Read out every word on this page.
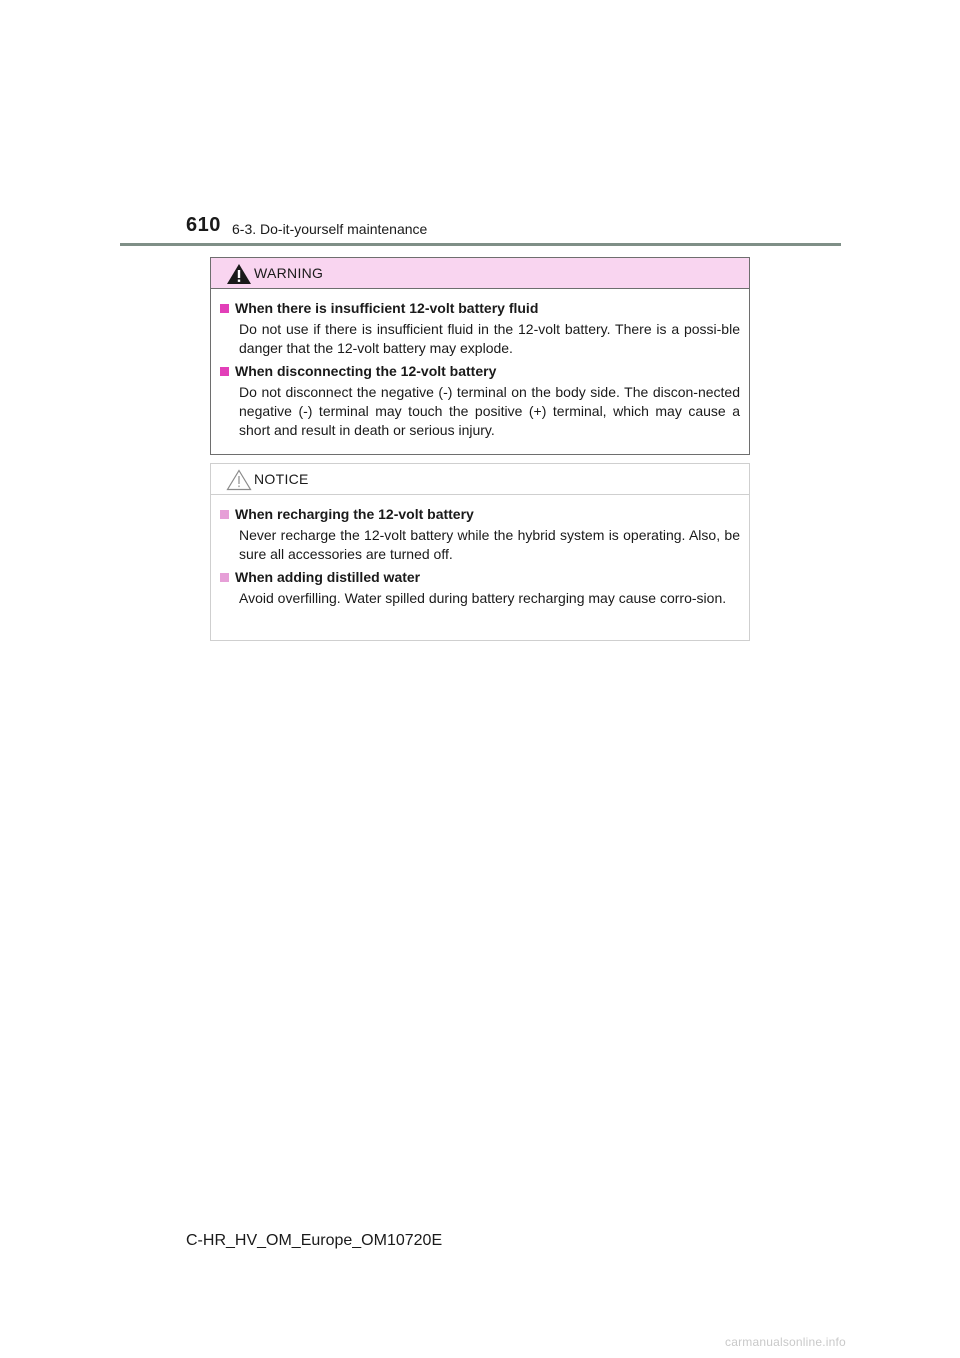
610 6-3. Do-it-yourself maintenance
WARNING
When there is insufficient 12-volt battery fluid
Do not use if there is insufficient fluid in the 12-volt battery. There is a possi-ble danger that the 12-volt battery may explode.
When disconnecting the 12-volt battery
Do not disconnect the negative (-) terminal on the body side. The discon-nected negative (-) terminal may touch the positive (+) terminal, which may cause a short and result in death or serious injury.
NOTICE
When recharging the 12-volt battery
Never recharge the 12-volt battery while the hybrid system is operating. Also, be sure all accessories are turned off.
When adding distilled water
Avoid overfilling. Water spilled during battery recharging may cause corro-sion.
C-HR_HV_OM_Europe_OM10720E
carmanualsonline.info
